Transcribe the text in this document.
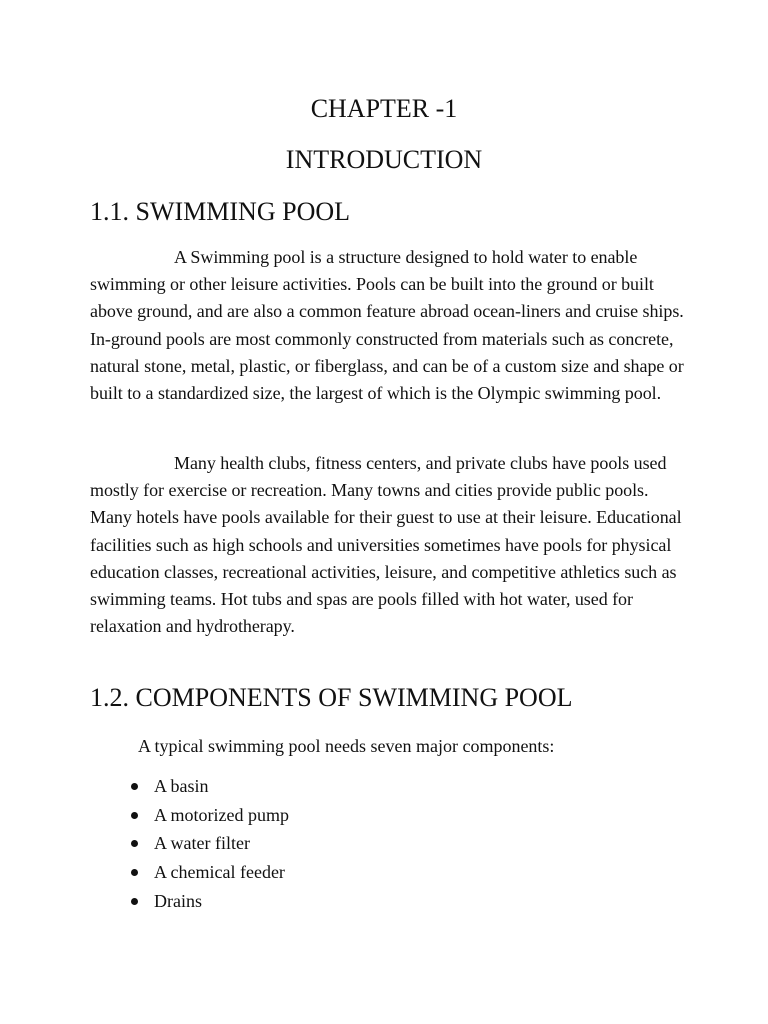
CHAPTER -1
INTRODUCTION
1.1. SWIMMING POOL

A Swimming pool is a structure designed to hold water to enable swimming or other leisure activities. Pools can be built into the ground or built above ground, and are also a common feature abroad ocean-liners and cruise ships. In-ground pools are most commonly constructed from materials such as concrete, natural stone, metal, plastic, or fiberglass, and can be of a custom size and shape or built to a standardized size, the largest of which is the Olympic swimming pool.

Many health clubs, fitness centers, and private clubs have pools used mostly for exercise or recreation. Many towns and cities provide public pools. Many hotels have pools available for their guest to use at their leisure. Educational facilities such as high schools and universities sometimes have pools for physical education classes, recreational activities, leisure, and competitive athletics such as swimming teams. Hot tubs and spas are pools filled with hot water, used for relaxation and hydrotherapy.

1.2. COMPONENTS OF SWIMMING POOL

A typical swimming pool needs seven major components:

A basin
A motorized pump
A water filter
A chemical feeder
Drains
